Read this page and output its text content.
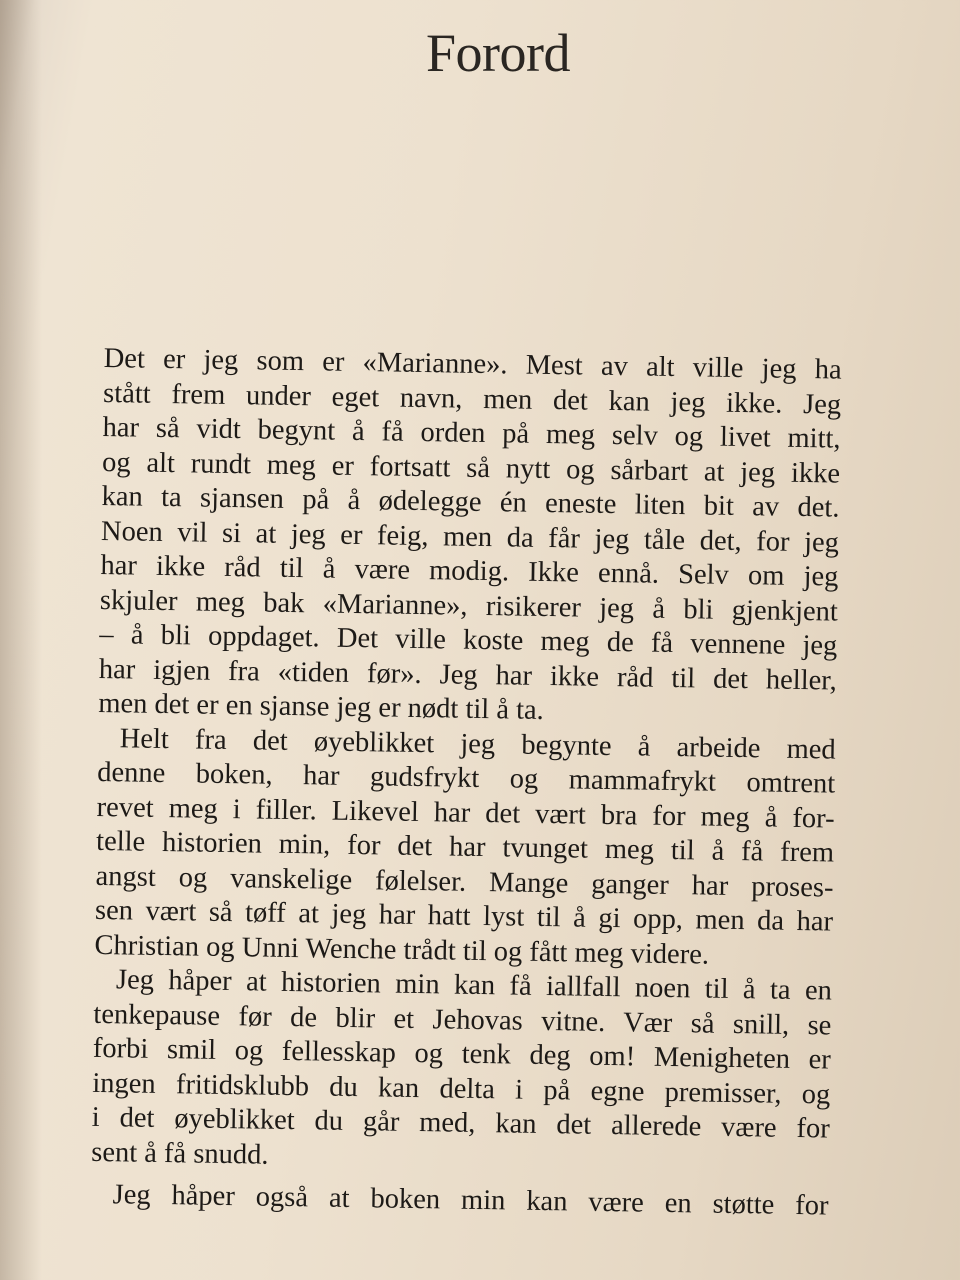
Forord
Det er jeg som er «Marianne». Mest av alt ville jeg ha
stått frem under eget navn, men det kan jeg ikke. Jeg
har så vidt begynt å få orden på meg selv og livet mitt,
og alt rundt meg er fortsatt så nytt og sårbart at jeg ikke
kan ta sjansen på å ødelegge én eneste liten bit av det.
Noen vil si at jeg er feig, men da får jeg tåle det, for jeg
har ikke råd til å være modig. Ikke ennå. Selv om jeg
skjuler meg bak «Marianne», risikerer jeg å bli gjenkjent
– å bli oppdaget. Det ville koste meg de få vennene jeg
har igjen fra «tiden før». Jeg har ikke råd til det heller,
men det er en sjanse jeg er nødt til å ta.
Helt fra det øyeblikket jeg begynte å arbeide med
denne boken, har gudsfrykt og mammafrykt omtrent
revet meg i filler. Likevel har det vært bra for meg å for-
telle historien min, for det har tvunget meg til å få frem
angst og vanskelige følelser. Mange ganger har proses-
sen vært så tøff at jeg har hatt lyst til å gi opp, men da har
Christian og Unni Wenche trådt til og fått meg videre.
Jeg håper at historien min kan få iallfall noen til å ta en
tenkepause før de blir et Jehovas vitne. Vær så snill, se
forbi smil og fellesskap og tenk deg om! Menigheten er
ingen fritidsklubb du kan delta i på egne premisser, og
i det øyeblikket du går med, kan det allerede være for
sent å få snudd.
Jeg håper også at boken min kan være en støtte for
